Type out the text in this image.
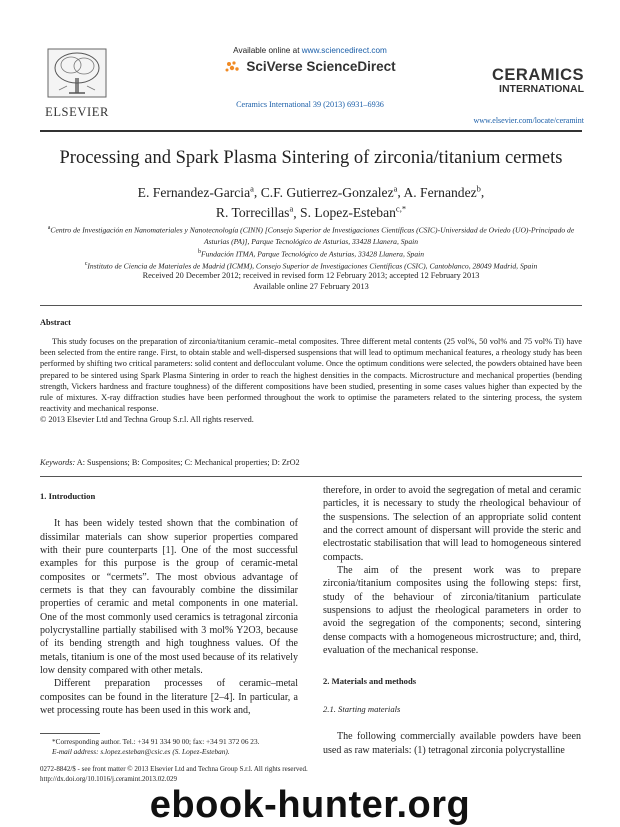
ELSEVIER
Available online at www.sciencedirect.com
SciVerse ScienceDirect
Ceramics International 39 (2013) 6931–6936
CERAMICS
INTERNATIONAL
www.elsevier.com/locate/ceramint
Processing and Spark Plasma Sintering of zirconia/titanium cermets
E. Fernandez-Garcia$^a$, C.F. Gutierrez-Gonzalez$^a$, A. Fernandez$^b$,
R. Torrecillas$^a$, S. Lopez-Esteban$^{c,*}$
$^a$Centro de Investigación en Nanomateriales y Nanotecnología (CINN) [Consejo Superior de Investigaciones Científicas (CSIC)-Universidad de Oviedo (UO)-Principado de Asturias (PA)], Parque Tecnológico de Asturias, 33428 Llanera, Spain
$^b$Fundación ITMA, Parque Tecnológico de Asturias, 33428 Llanera, Spain
$^c$Instituto de Ciencia de Materiales de Madrid (ICMM), Consejo Superior de Investigaciones Científicas (CSIC), Cantoblanco, 28049 Madrid, Spain
Received 20 December 2012; received in revised form 12 February 2013; accepted 12 February 2013
Available online 27 February 2013
Abstract

This study focuses on the preparation of zirconia/titanium ceramic–metal composites. Three different metal contents (25 vol%, 50 vol% and 75 vol% Ti) have been selected from the entire range. First, to obtain stable and well-dispersed suspensions that will lead to optimum mechanical features, a rheology study has been performed by shifting two critical parameters: solid content and deflocculant volume. Once the optimum conditions were selected, the powders obtained have been prepared to be sintered using Spark Plasma Sintering in order to reach the highest densities in the compacts. Microstructure and mechanical properties (bending strength, Vickers hardness and fracture toughness) of the different compositions have been studied, presenting in some cases values higher than expected by the rule of mixtures. X-ray diffraction studies have been performed throughout the work to optimise the parameters related to the sintering process, the system reactivity and mechanical response.

© 2013 Elsevier Ltd and Techna Group S.r.l. All rights reserved.

Keywords: A: Suspensions; B: Composites; C: Mechanical properties; D: ZrO2
1. Introduction

It has been widely tested shown that the combination of dissimilar materials can show superior properties compared with their pure counterparts [1]. One of the most successful examples for this purpose is the group of ceramic-metal composites or “cermets”. The most obvious advantage of cermets is that they can favourably combine the dissimilar properties of ceramic and metal components in one material. One of the most commonly used ceramics is tetragonal zirconia polycrystalline partially stabilised with 3 mol% Y2O3, because of its bending strength and high toughness values. Of the metals, titanium is one of the most used because of its relatively low density compared with other metals.

Different preparation processes of ceramic–metal composites can be found in the literature [2–4]. In particular, a wet processing route has been used in this work and,

therefore, in order to avoid the segregation of metal and ceramic particles, it is necessary to study the rheological behaviour of the suspensions. The selection of an appropriate solid content and the correct amount of dispersant will provide the steric and electrostatic stabilisation that will lead to homogeneous sintered compacts.

The aim of the present work was to prepare zirconia/titanium composites using the following steps: first, study of the behaviour of zirconia/titanium particulate suspensions to adjust the rheological parameters in order to avoid the segregation of the components; second, sintering dense compacts with a homogeneous microstructure; and, third, evaluation of the mechanical response.

2. Materials and methods
2.1. Starting materials

The following commercially available powders have been used as raw materials: (1) tetragonal zirconia polycrystalline

*Corresponding author. Tel.: +34 91 334 90 00; fax: +34 91 372 06 23.
E-mail address: s.lopez.esteban@csic.es (S. Lopez-Esteban).
0272-8842/$ - see front matter © 2013 Elsevier Ltd and Techna Group S.r.l. All rights reserved.
http://dx.doi.org/10.1016/j.ceramint.2013.02.029
ebook-hunter.org
